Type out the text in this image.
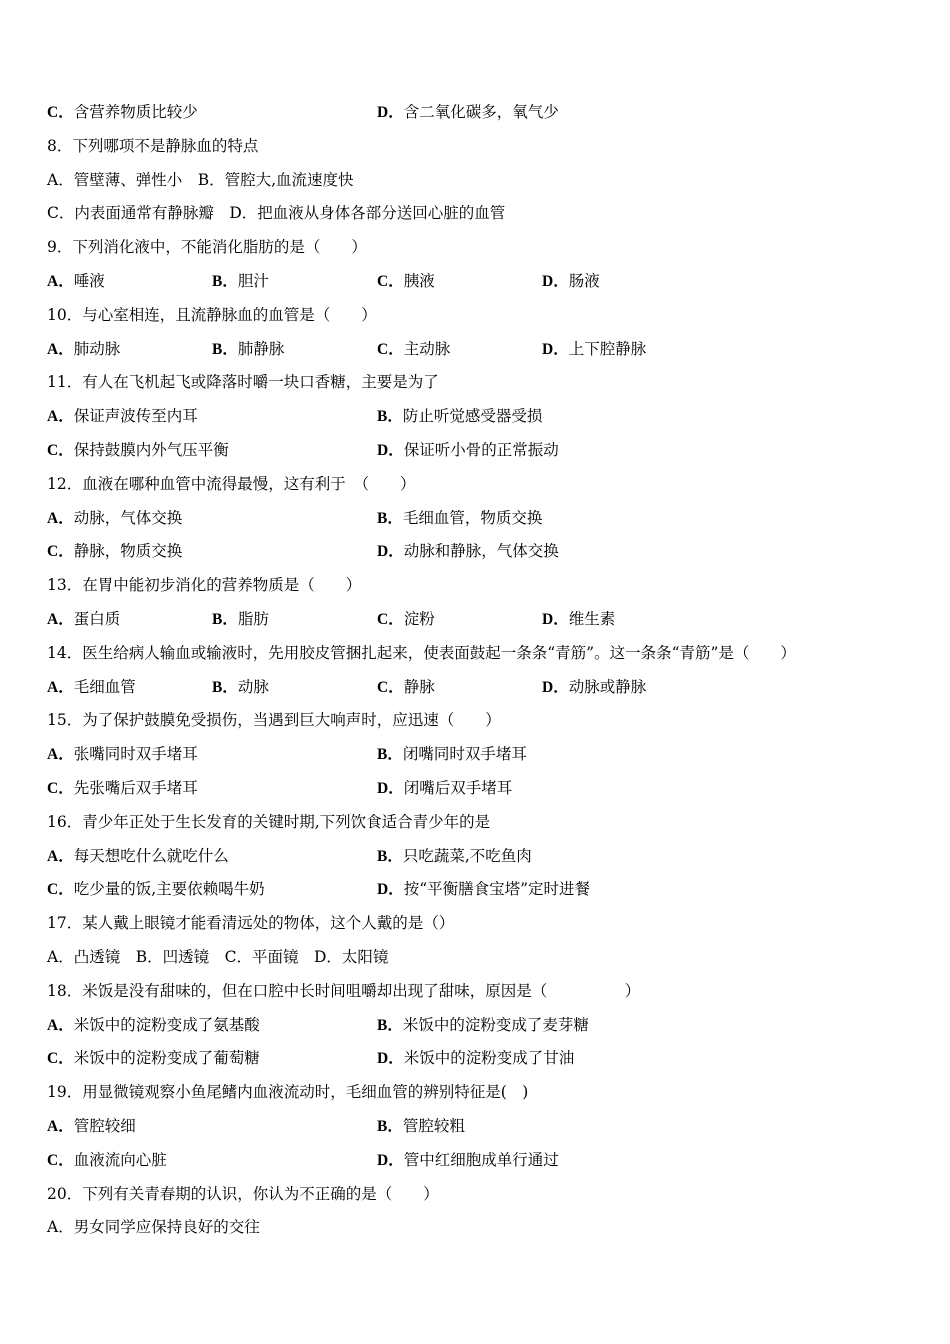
C．含营养物质比较少	D．含二氧化碳多，氧气少
8．下列哪项不是静脉血的特点
A．管壁薄、弹性小　B．管腔大,血流速度快
C．内表面通常有静脉瓣　D．把血液从身体各部分送回心脏的血管
9．下列消化液中，不能消化脂肪的是（　　）
A．唾液	B．胆汁	C．胰液	D．肠液
10．与心室相连，且流静脉血的血管是（　　）
A．肺动脉	B．肺静脉	C．主动脉	D．上下腔静脉
11．有人在飞机起飞或降落时嚼一块口香糖，主要是为了
A．保证声波传至内耳	B．防止听觉感受器受损
C．保持鼓膜内外气压平衡	D．保证听小骨的正常振动
12．血液在哪种血管中流得最慢，这有利于　（　　）
A．动脉，气体交换	B．毛细血管，物质交换
C．静脉，物质交换	D．动脉和静脉，气体交换
13．在胃中能初步消化的营养物质是（　　）
A．蛋白质	B．脂肪	C．淀粉	D．维生素
14．医生给病人输血或输液时，先用胶皮管捆扎起来，使表面鼓起一条条“青筋”。这一条条“青筋”是（　　）
A．毛细血管	B．动脉	C．静脉	D．动脉或静脉
15．为了保护鼓膜免受损伤，当遇到巨大响声时，应迅速（　　）
A．张嘴同时双手堵耳	B．闭嘴同时双手堵耳
C．先张嘴后双手堵耳	D．闭嘴后双手堵耳
16．青少年正处于生长发育的关键时期,下列饮食适合青少年的是
A．每天想吃什么就吃什么	B．只吃蔬菜,不吃鱼肉
C．吃少量的饭,主要依赖喝牛奶	D．按“平衡膳食宝塔”定时进餐
17．某人戴上眼镜才能看清远处的物体，这个人戴的是（）
A．凸透镜　B．凹透镜　C．平面镜　D．太阳镜
18．米饭是没有甜味的，但在口腔中长时间咀嚼却出现了甜味，原因是（　　　　　）
A．米饭中的淀粉变成了氨基酸	B．米饭中的淀粉变成了麦芽糖
C．米饭中的淀粉变成了葡萄糖	D．米饭中的淀粉变成了甘油
19．用显微镜观察小鱼尾鳍内血液流动时，毛细血管的辨别特征是(　)
A．管腔较细	B．管腔较粗
C．血液流向心脏	D．管中红细胞成单行通过
20．下列有关青春期的认识，你认为不正确的是（　　）
A．男女同学应保持良好的交往
